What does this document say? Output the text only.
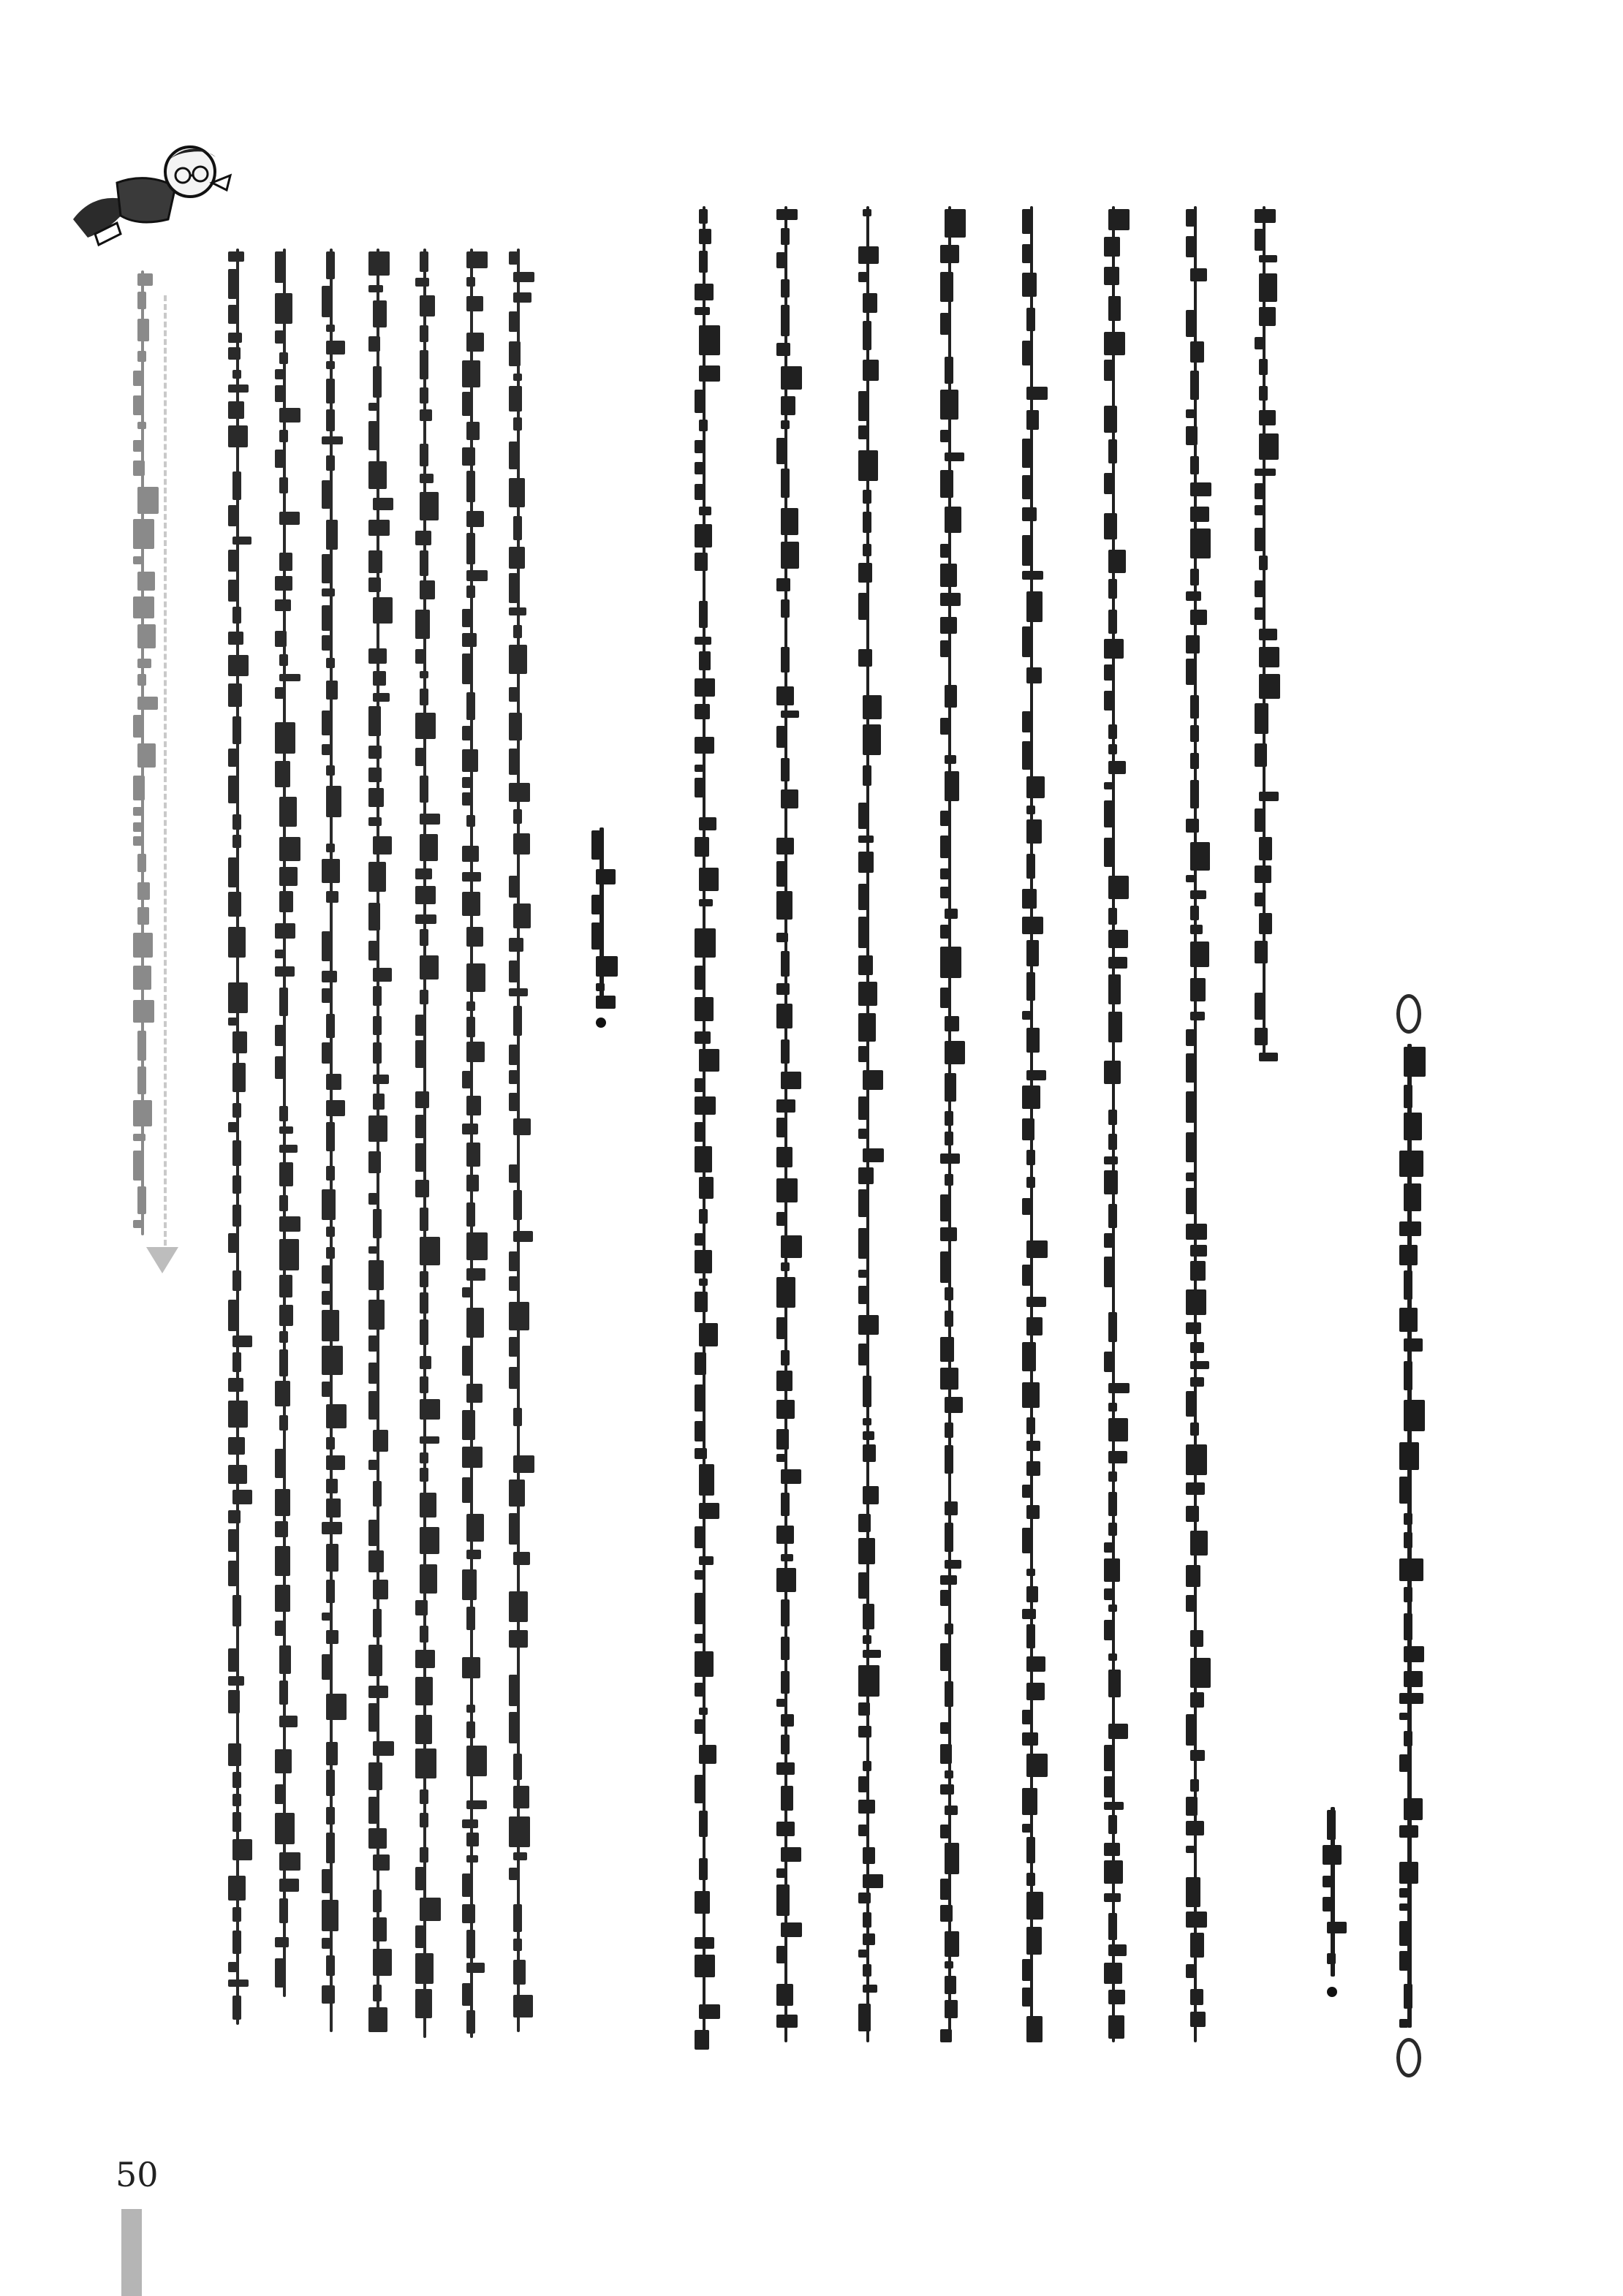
50
